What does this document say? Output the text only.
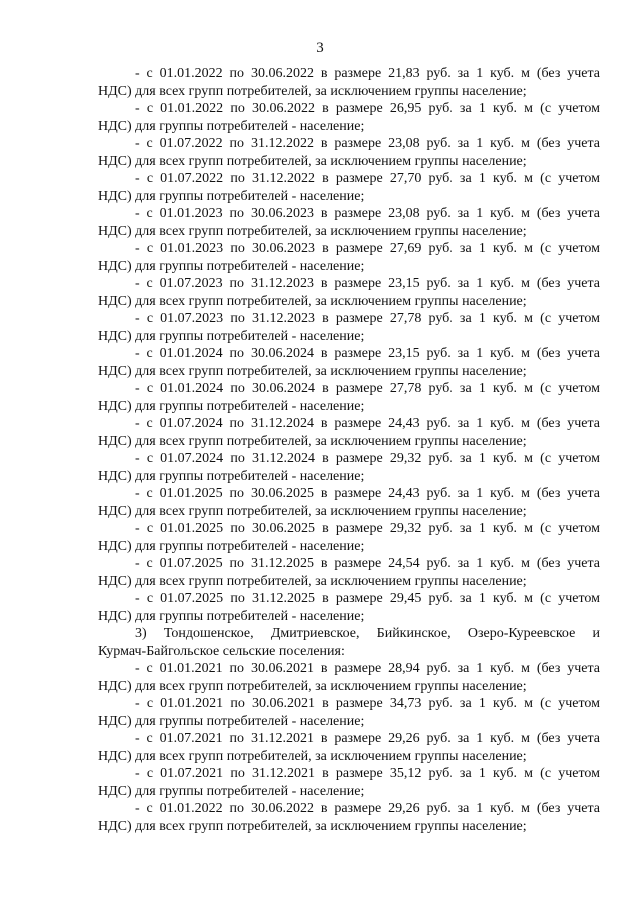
3
- с 01.01.2022 по 30.06.2022 в размере 21,83 руб. за 1 куб. м (без учета
НДС) для всех групп потребителей, за исключением группы население;
- с 01.01.2022 по 30.06.2022 в размере 26,95 руб. за 1 куб. м (с учетом
НДС) для группы потребителей - население;
- с 01.07.2022 по 31.12.2022 в размере 23,08 руб. за 1 куб. м (без учета
НДС) для всех групп потребителей, за исключением группы население;
- с 01.07.2022 по 31.12.2022 в размере 27,70 руб. за 1 куб. м (с учетом
НДС) для группы потребителей - население;
- с 01.01.2023 по 30.06.2023 в размере 23,08 руб. за 1 куб. м (без учета
НДС) для всех групп потребителей, за исключением группы население;
- с 01.01.2023 по 30.06.2023 в размере 27,69 руб. за 1 куб. м (с учетом
НДС) для группы потребителей - население;
- с 01.07.2023 по 31.12.2023 в размере 23,15 руб. за 1 куб. м (без учета
НДС) для всех групп потребителей, за исключением группы население;
- с 01.07.2023 по 31.12.2023 в размере 27,78 руб. за 1 куб. м (с учетом
НДС) для группы потребителей - население;
- с 01.01.2024 по 30.06.2024 в размере 23,15 руб. за 1 куб. м (без учета
НДС) для всех групп потребителей, за исключением группы население;
- с 01.01.2024 по 30.06.2024 в размере 27,78 руб. за 1 куб. м (с учетом
НДС) для группы потребителей - население;
- с 01.07.2024 по 31.12.2024 в размере 24,43 руб. за 1 куб. м (без учета
НДС) для всех групп потребителей, за исключением группы население;
- с 01.07.2024 по 31.12.2024 в размере 29,32 руб. за 1 куб. м (с учетом
НДС) для группы потребителей - население;
- с 01.01.2025 по 30.06.2025 в размере 24,43 руб. за 1 куб. м (без учета
НДС) для всех групп потребителей, за исключением группы население;
- с 01.01.2025 по 30.06.2025 в размере 29,32 руб. за 1 куб. м (с учетом
НДС) для группы потребителей - население;
- с 01.07.2025 по 31.12.2025 в размере 24,54 руб. за 1 куб. м (без учета
НДС) для всех групп потребителей, за исключением группы население;
- с 01.07.2025 по 31.12.2025 в размере 29,45 руб. за 1 куб. м (с учетом
НДС) для группы потребителей - население;
3) Тондошенское, Дмитриевское, Бийкинское, Озеро-Куреевское и
Курмач-Байгольское сельские поселения:
- с 01.01.2021 по 30.06.2021 в размере 28,94 руб. за 1 куб. м (без учета
НДС) для всех групп потребителей, за исключением группы население;
- с 01.01.2021 по 30.06.2021 в размере 34,73 руб. за 1 куб. м (с учетом
НДС) для группы потребителей - население;
- с 01.07.2021 по 31.12.2021 в размере 29,26 руб. за 1 куб. м (без учета
НДС) для всех групп потребителей, за исключением группы население;
- с 01.07.2021 по 31.12.2021 в размере 35,12 руб. за 1 куб. м (с учетом
НДС) для группы потребителей - население;
- с 01.01.2022 по 30.06.2022 в размере 29,26 руб. за 1 куб. м (без учета
НДС) для всех групп потребителей, за исключением группы население;
